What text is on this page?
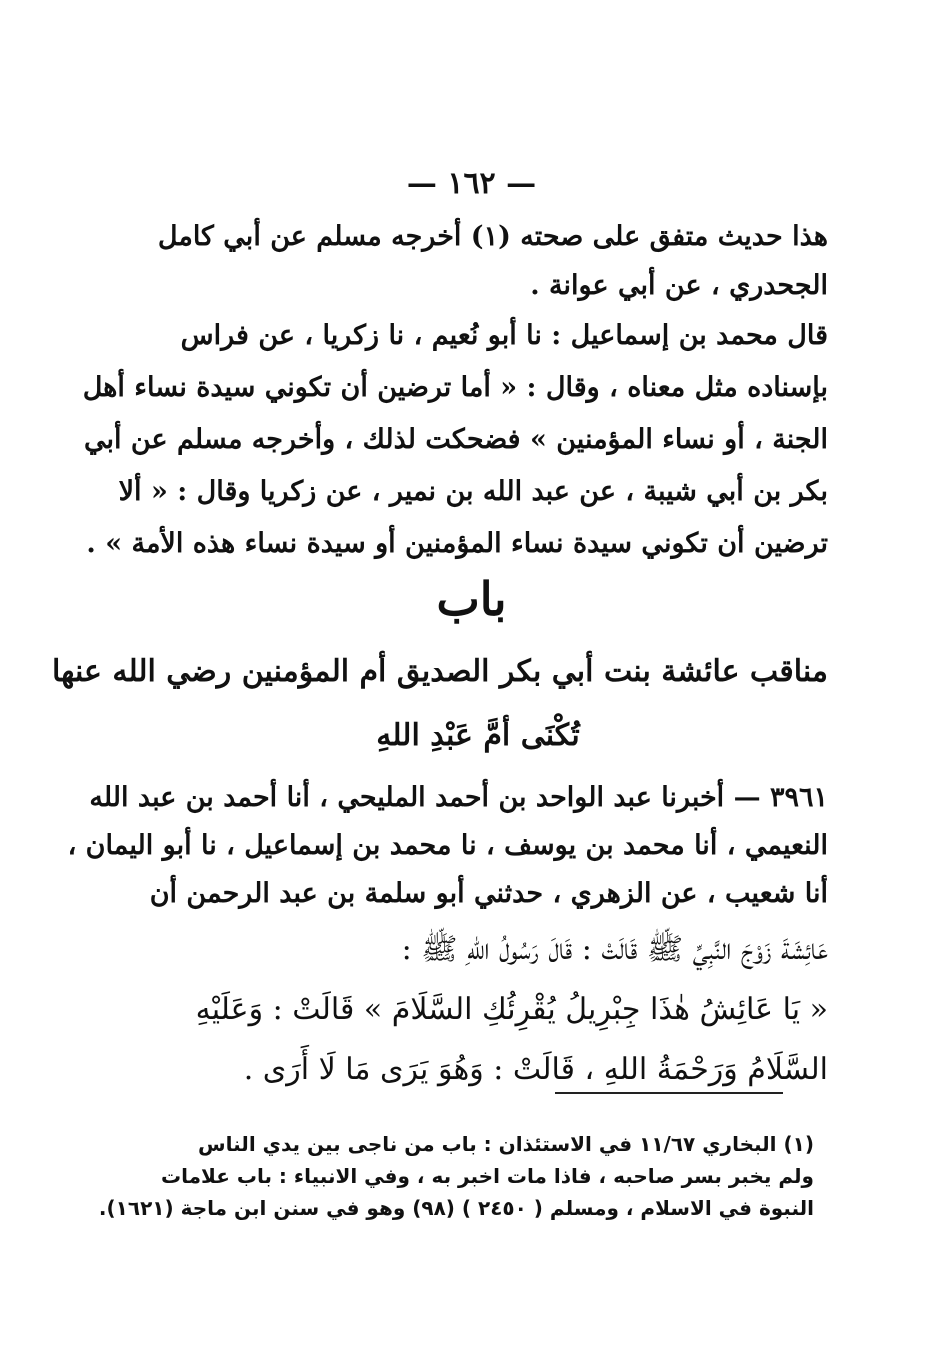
— ١٦٢ —
هذا حديث متفق على صحته (١) أخرجه مسلم عن أبي كامل
الجحدري ، عن أبي عوانة .
قال محمد بن إسماعيل : نا أبو نُعيم ، نا زكريا ، عن فراس
بإسناده مثل معناه ، وقال : « أما ترضين أن تكوني سيدة نساء أهل
الجنة ، أو نساء المؤمنين » فضحكت لذلك ، وأخرجه مسلم عن أبي
بكر بن أبي شيبة ، عن عبد الله بن نمير ، عن زكريا وقال : « ألا
ترضين أن تكوني سيدة نساء المؤمنين أو سيدة نساء هذه الأمة » .
باب
مناقب عائشة بنت أبي بكر الصديق أم المؤمنين رضي الله عنها
تُكْنَى أمَّ عَبْدِ اللهِ
٣٩٦١ — أخبرنا عبد الواحد بن أحمد المليحي ، أنا أحمد بن عبد الله
النعيمي ، أنا محمد بن يوسف ، نا محمد بن إسماعيل ، نا أبو اليمان ،
أنا شعيب ، عن الزهري ، حدثني أبو سلمة بن عبد الرحمن أن
عَائِشَةَ زَوْجَ النَّبِيِّ ﷺ قَالَتْ : قَالَ رَسُولُ اللهِ ﷺ :
« يَا عَائِشُ هٰذَا جِبْرِيلُ يُقْرِئُكِ السَّلَامَ » قَالَتْ : وَعَلَيْهِ
السَّلَامُ وَرَحْمَةُ اللهِ ، قَالَتْ : وَهُوَ يَرَى مَا لَا أَرَى .
(١) البخاري ١١/٦٧ في الاستئذان : باب من ناجى بين يدي الناس
ولم يخبر بسر صاحبه ، فاذا مات اخبر به ، وفي الانبياء : باب علامات
النبوة في الاسلام ، ومسلم ( ٢٤٥٠ ) (٩٨) وهو في سنن ابن ماجة (١٦٢١).
